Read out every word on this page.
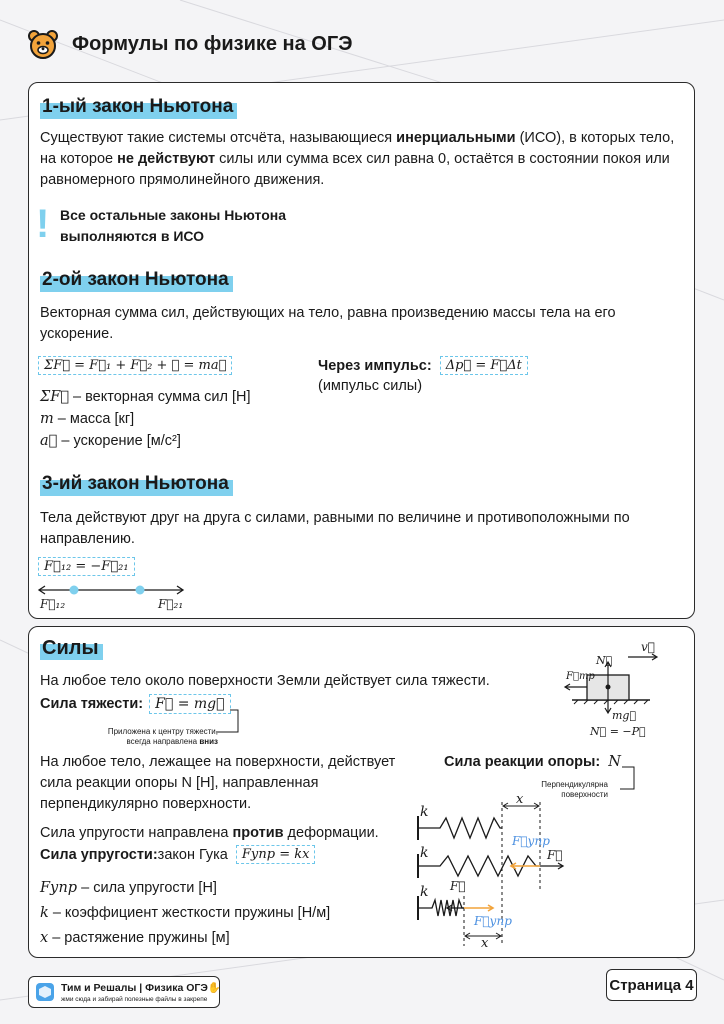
Формулы по физике на ОГЭ
1-ый закон Ньютона
Существуют такие системы отсчёта, называющиеся инерциальными (ИСО), в которых тело, на которое не действуют силы или сумма всех сил равна 0, остаётся в состоянии покоя или равномерного прямолинейного движения.
! Все остальные законы Ньютона
выполняются в ИСО
2-ой закон Ньютона
Векторная сумма сил, действующих на тело, равна произведению массы тела на его ускорение.
ΣF⃗ = F⃗₁ + F⃗₂ + ⋯ = ma⃗
ΣF⃗ – векторная сумма сил [Н]
m – масса [кг]
a⃗ – ускорение [м/с²]
Через импульс:	Δp⃗ = F⃗Δt
(импульс силы)
3-ий закон Ньютона
Тела действуют друг на друга с силами, равными по величине и противоположными по направлению.
F⃗₁₂ = −F⃗₂₁
F⃗₁₂	F⃗₂₁
Силы
На любое тело около поверхности Земли действует сила тяжести.
Сила тяжести: F⃗ = mg⃗
Приложена к центру тяжести,
всегда направлена вниз
На любое тело, лежащее на поверхности, действует сила реакции опоры N [Н], направленная перпендикулярно поверхности.
Сила реакции опоры: N
Перпендикулярна
поверхности
Сила упругости направлена против деформации.
Сила упругости: закон Гука	Fупр = kx
Fупр – сила упругости [Н]
k – коэффициент жесткости пружины [Н/м]
x – растяжение пружины [м]
v⃗
N⃗
F⃗тр
mg⃗
N⃗ = −P⃗
k
k
k
x
x
F⃗упр
F⃗
F⃗упр
F⃗
Тим и Решалы | Физика ОГЭ✋
жми сюда и забирай полезные файлы в закрепе
Страница 4
